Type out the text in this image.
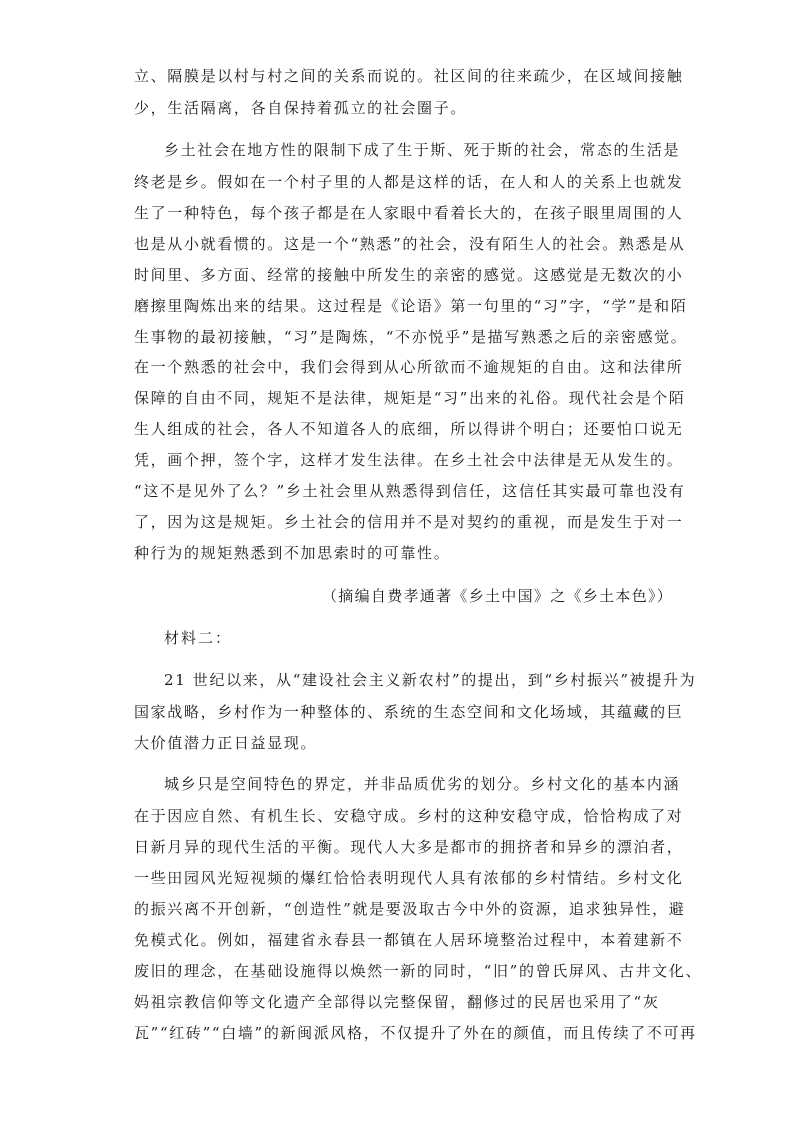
立、隔膜是以村与村之间的关系而说的。社区间的往来疏少，在区域间接触
少，生活隔离，各自保持着孤立的社会圈子。
乡土社会在地方性的限制下成了生于斯、死于斯的社会，常态的生活是
终老是乡。假如在一个村子里的人都是这样的话，在人和人的关系上也就发
生了一种特色，每个孩子都是在人家眼中看着长大的，在孩子眼里周围的人
也是从小就看惯的。这是一个“熟悉”的社会，没有陌生人的社会。熟悉是从
时间里、多方面、经常的接触中所发生的亲密的感觉。这感觉是无数次的小
磨擦里陶炼出来的结果。这过程是《论语》第一句里的“习”字，“学”是和陌
生事物的最初接触，“习”是陶炼，“不亦悦乎”是描写熟悉之后的亲密感觉。
在一个熟悉的社会中，我们会得到从心所欲而不逾规矩的自由。这和法律所
保障的自由不同，规矩不是法律，规矩是“习”出来的礼俗。现代社会是个陌
生人组成的社会，各人不知道各人的底细，所以得讲个明白；还要怕口说无
凭，画个押，签个字，这样才发生法律。在乡土社会中法律是无从发生的。
“这不是见外了么？”乡土社会里从熟悉得到信任，这信任其实最可靠也没有
了，因为这是规矩。乡土社会的信用并不是对契约的重视，而是发生于对一
种行为的规矩熟悉到不加思索时的可靠性。
（摘编自费孝通著《乡土中国》之《乡土本色》）
材料二：
21 世纪以来，从“建设社会主义新农村”的提出，到“乡村振兴”被提升为
国家战略，乡村作为一种整体的、系统的生态空间和文化场域，其蕴藏的巨
大价值潜力正日益显现。
城乡只是空间特色的界定，并非品质优劣的划分。乡村文化的基本内涵
在于因应自然、有机生长、安稳守成。乡村的这种安稳守成，恰恰构成了对
日新月异的现代生活的平衡。现代人大多是都市的拥挤者和异乡的漂泊者，
一些田园风光短视频的爆红恰恰表明现代人具有浓郁的乡村情结。乡村文化
的振兴离不开创新，“创造性”就是要汲取古今中外的资源，追求独异性，避
免模式化。例如，福建省永春县一都镇在人居环境整治过程中，本着建新不
废旧的理念，在基础设施得以焕然一新的同时，“旧”的曾氏屏风、古井文化、
妈祖宗教信仰等文化遗产全部得以完整保留，翻修过的民居也采用了“灰
瓦”“红砖”“白墙”的新闽派风格，不仅提升了外在的颜值，而且传续了不可再
